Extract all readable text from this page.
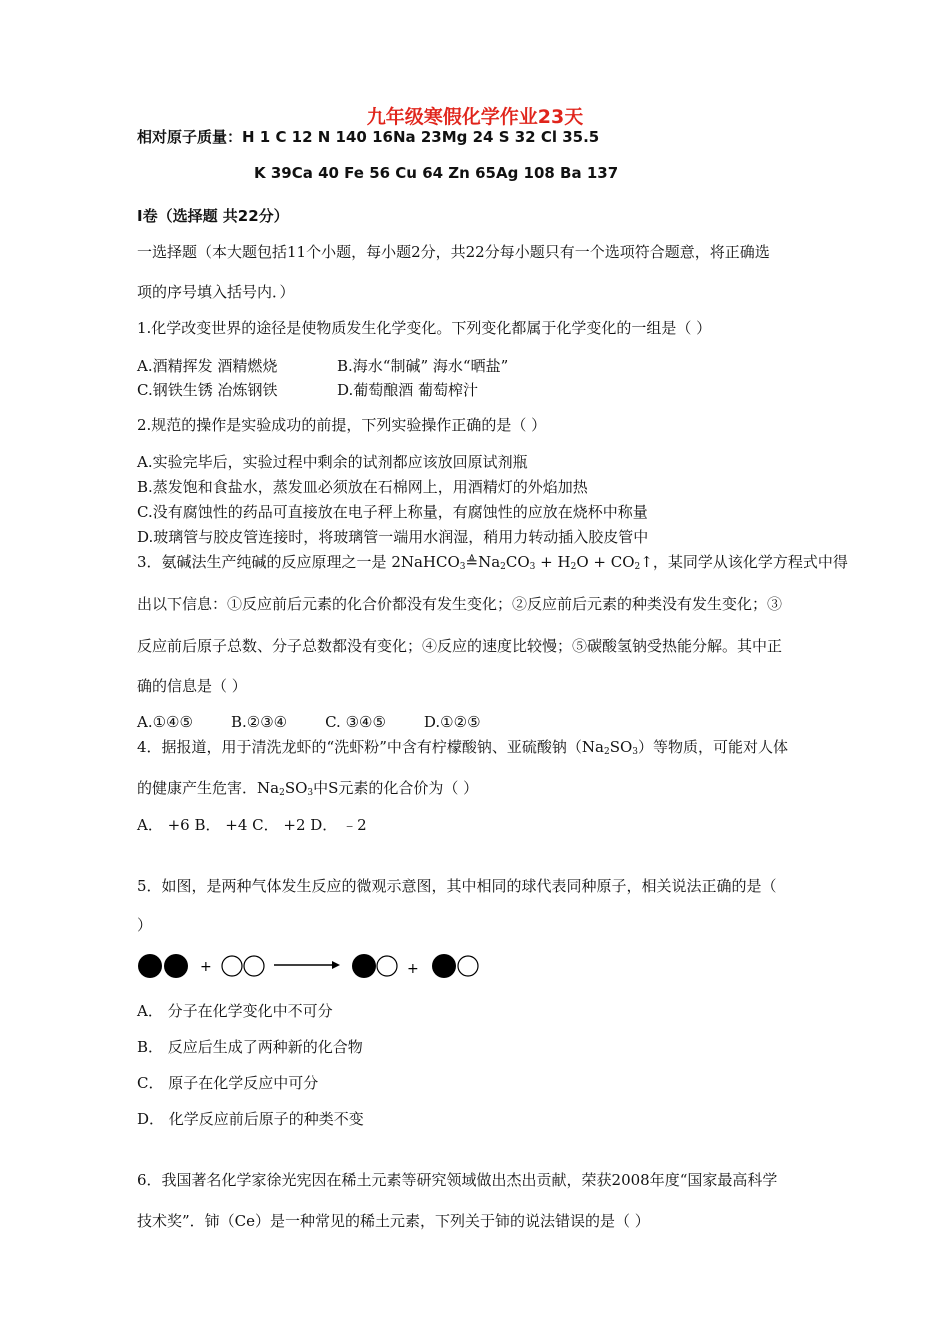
九年级寒假化学作业23天
相对原子质量：H 1 C 12 N 140 16Na 23Mg 24 S 32 Cl 35.5
K 39Ca 40 Fe 56 Cu 64 Zn 65Ag 108 Ba 137
I卷（选择题 共22分）
一选择题（本大题包括11个小题，每小题2分，共22分每小题只有一个选项符合题意，将正确选
项的序号填入括号内．）
1.化学改变世界的途径是使物质发生化学变化。下列变化都属于化学变化的一组是（ ）
A.酒精挥发 酒精燃烧	B.海水“制碱” 海水“晒盐”
C.钢铁生锈 冶炼钢铁	D.葡萄酿酒 葡萄榨汁
2.规范的操作是实验成功的前提，下列实验操作正确的是（ ）
A.实验完毕后，实验过程中剩余的试剂都应该放回原试剂瓶
B.蒸发饱和食盐水，蒸发皿必须放在石棉网上，用酒精灯的外焰加热
C.没有腐蚀性的药品可直接放在电子秤上称量，有腐蚀性的应放在烧杯中称量
D.玻璃管与胶皮管连接时，将玻璃管一端用水润湿，稍用力转动插入胶皮管中
3．氨碱法生产纯碱的反应原理之一是 $2NaHCO_3≜Na_2CO_3 + H_2O$ + $CO_2↑$，某同学从该化学方程式中得
出以下信息：①反应前后元素的化合价都没有发生变化；②反应前后元素的种类没有发生变化；③
反应前后原子总数、分子总数都没有变化；④反应的速度比较慢；⑤碳酸氢钠受热能分解。其中正
确的信息是（ ）
A.①④⑤	B.②③④	C. ③④⑤	D.①②⑤
4．据报道，用于清洗龙虾的“洗虾粉”中含有柠檬酸钠、亚硫酸钠$(Na_2SO_3)$等物质，可能对人体
的健康产生危害．$Na_2SO_3$中S元素的化合价为（ ）
A． +6 B． +4 C． +2 D． ﹣2
5．如图，是两种气体发生反应的微观示意图，其中相同的球代表同种原子，相关说法正确的是（
）
+	+
A． 分子在化学变化中不可分
B． 反应后生成了两种新的化合物
C． 原子在化学反应中可分
D． 化学反应前后原子的种类不变
6．我国著名化学家徐光宪因在稀土元素等研究领域做出杰出贡献，荣获2008年度“国家最高科学
技术奖”．铈（Ce）是一种常见的稀土元素，下列关于铈的说法错误的是（ ）
